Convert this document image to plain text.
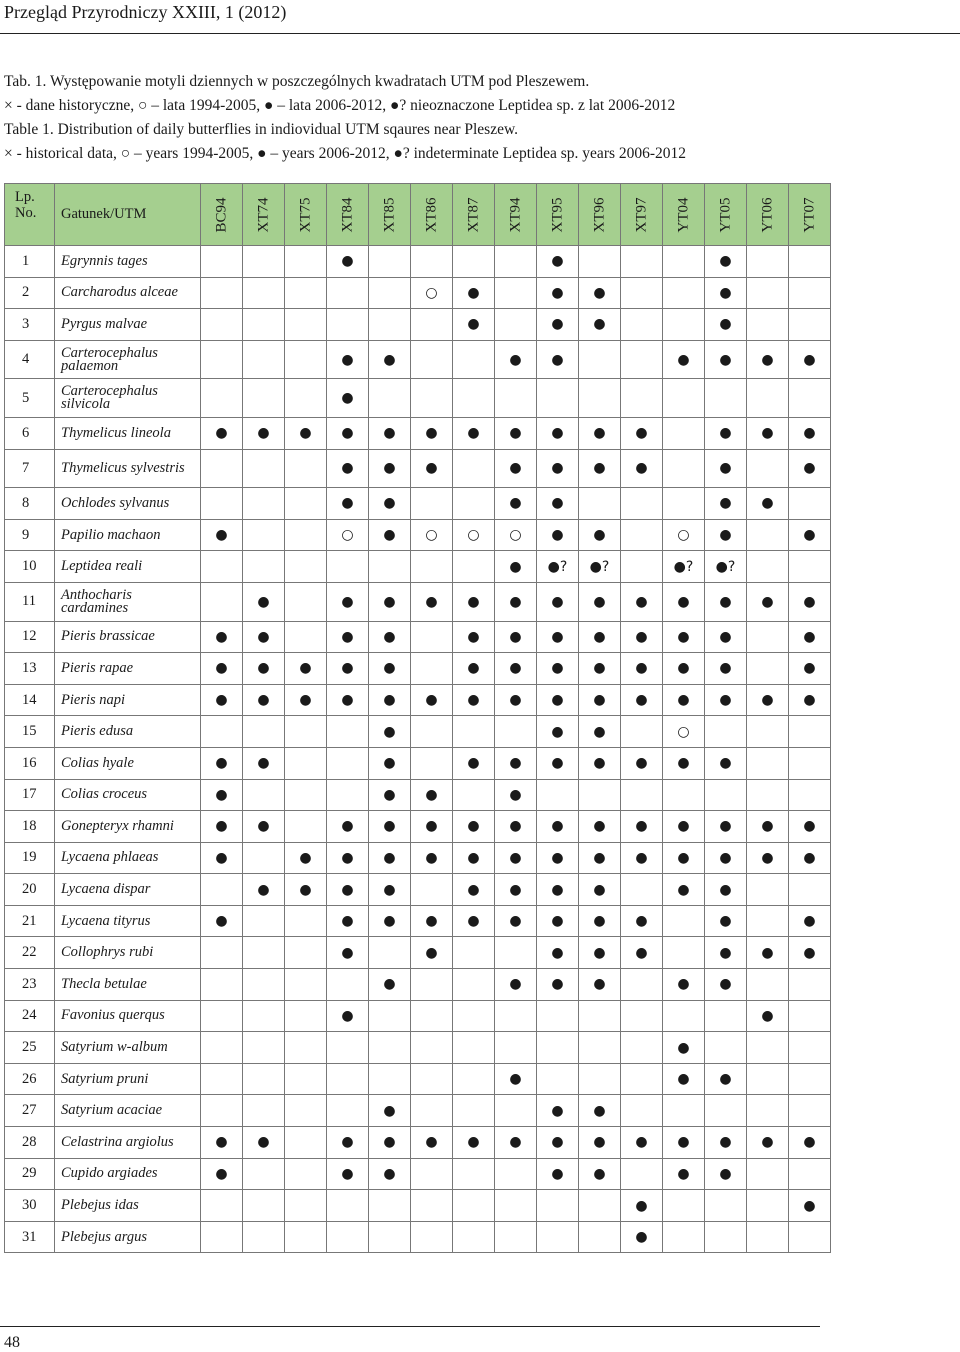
Przegląd Przyrodniczy XXIII, 1 (2012)
Tab. 1. Występowanie motyli dziennych w poszczególnych kwadratach UTM pod Pleszewem.
× - dane historyczne, ○ – lata 1994-2005, ● – lata 2006-2012, ●? nieoznaczone Leptidea sp. z lat 2006-2012
Table 1. Distribution of daily butterflies in indiovidual UTM sqaures near Pleszew.
× - historical data, ○ – years 1994-2005, ● – years 2006-2012, ●? indeterminate Leptidea sp. years 2006-2012
Lp.
No.	Gatunek/UTM	BC94	XT74	XT75	XT84	XT85	XT86	XT87	XT94	XT95	XT96	XT97	YT04	YT05	YT06	YT07

1	Egrynnis tages				●					●				●		
2	Carcharodus alceae						○	●		●	●			●		
3	Pyrgus malvae							●		●	●			●		
4	Carterocephalus palaemon				●	●			●	●			●	●	●	●
5	Carterocephalus silvicola				●											
6	Thymelicus lineola	●	●	●	●	●	●	●	●	●	●	●		●	●	●
7	Thymelicus sylvestris				●	●	●		●	●	●	●		●		●
8	Ochlodes sylvanus				●	●			●	●				●	●	
9	Papilio machaon	●			○	●	○	○	○	●	●		○	●		●
10	Leptidea reali								●	●?	●?		●?	●?		
11	Anthocharis cardamines		●		●	●	●	●	●	●	●	●	●	●	●	●
12	Pieris brassicae	●	●		●	●		●	●	●	●	●	●	●		●
13	Pieris rapae	●	●	●	●	●		●	●	●	●	●	●	●		●
14	Pieris napi	●	●	●	●	●	●	●	●	●	●	●	●	●	●	●
15	Pieris edusa					●				●	●		○			
16	Colias hyale	●	●			●		●	●	●	●	●	●	●		
17	Colias croceus	●				●	●		●							
18	Gonepteryx rhamni	●	●		●	●	●	●	●	●	●	●	●	●	●	●
19	Lycaena phlaeas	●		●	●	●	●	●	●	●	●	●	●	●	●	●
20	Lycaena dispar		●	●	●	●		●	●	●	●		●	●		
21	Lycaena tityrus	●			●	●	●	●	●	●	●	●		●		●
22	Collophrys rubi				●		●			●	●	●		●	●	●
23	Thecla betulae					●			●	●	●		●	●		
24	Favonius querqus				●										●	
25	Satyrium w-album												●			
26	Satyrium pruni								●				●	●		
27	Satyrium acaciae					●				●	●					
28	Celastrina argiolus	●	●		●	●	●	●	●	●	●	●	●	●	●	●
29	Cupido argiades	●			●	●				●	●		●	●		
30	Plebejus idas											●				●
31	Plebejus argus											●				
48
